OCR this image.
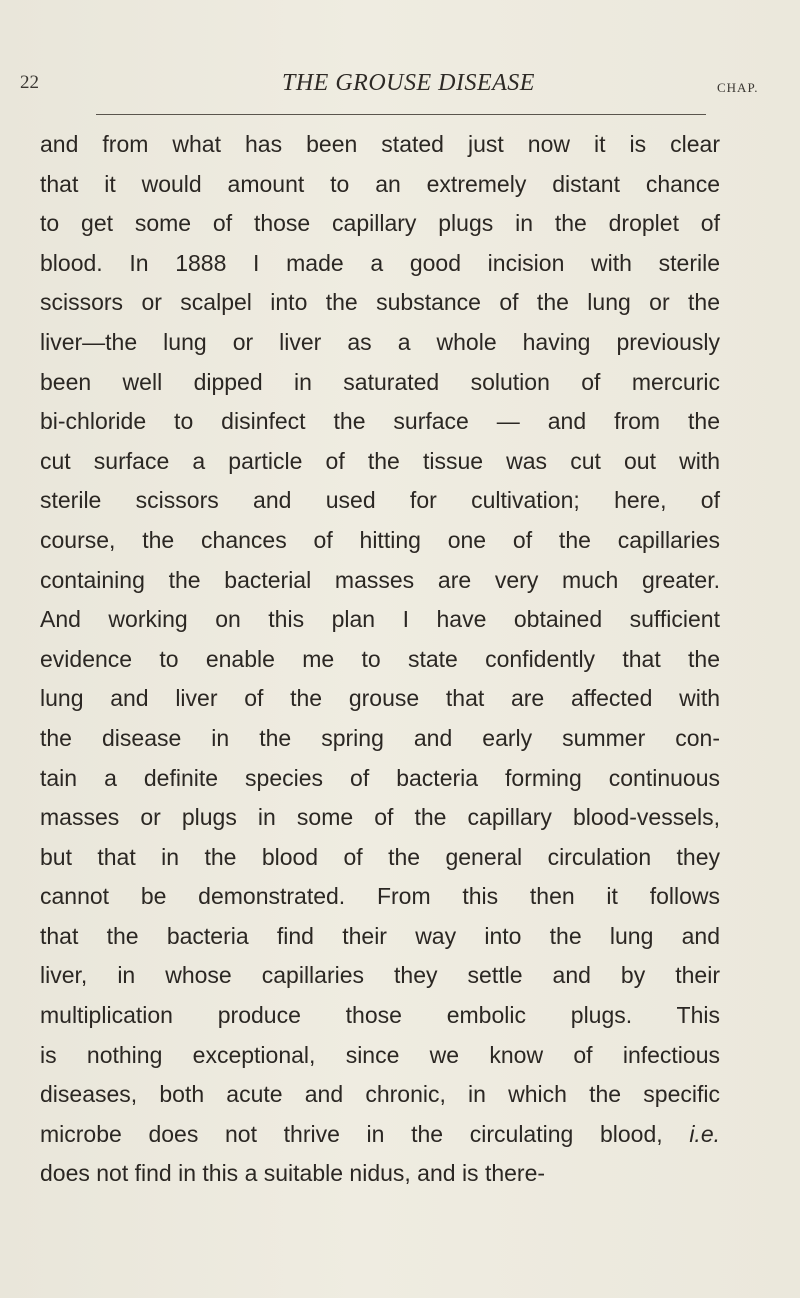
22	THE GROUSE DISEASE	CHAP.
and from what has been stated just now it is clear
that it would amount to an extremely distant chance
to get some of those capillary plugs in the droplet of
blood. In 1888 I made a good incision with sterile
scissors or scalpel into the substance of the lung or the
liver—the lung or liver as a whole having previously
been well dipped in saturated solution of mercuric
bi-chloride to disinfect the surface — and from the
cut surface a particle of the tissue was cut out with
sterile scissors and used for cultivation; here, of
course, the chances of hitting one of the capillaries
containing the bacterial masses are very much greater.
And working on this plan I have obtained sufficient
evidence to enable me to state confidently that the
lung and liver of the grouse that are affected with
the disease in the spring and early summer con-
tain a definite species of bacteria forming continuous
masses or plugs in some of the capillary blood-vessels,
but that in the blood of the general circulation they
cannot be demonstrated. From this then it follows
that the bacteria find their way into the lung and
liver, in whose capillaries they settle and by their
multiplication produce those embolic plugs. This
is nothing exceptional, since we know of infectious
diseases, both acute and chronic, in which the specific
microbe does not thrive in the circulating blood, i.e.
does not find in this a suitable nidus, and is there-
